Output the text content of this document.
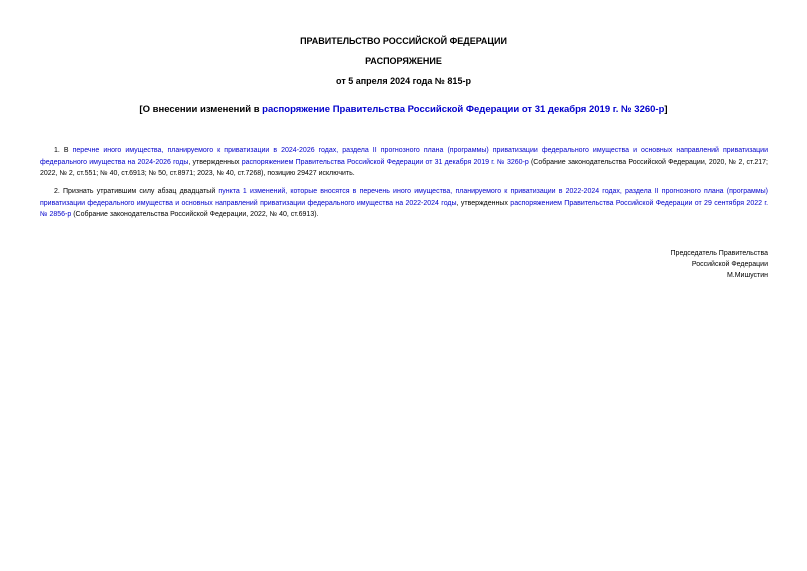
ПРАВИТЕЛЬСТВО РОССИЙСКОЙ ФЕДЕРАЦИИ
РАСПОРЯЖЕНИЕ
от 5 апреля 2024 года № 815-р
[О внесении изменений в распоряжение Правительства Российской Федерации от 31 декабря 2019 г. № 3260-р]
1. В перечне иного имущества, планируемого к приватизации в 2024-2026 годах, раздела II прогнозного плана (программы) приватизации федерального имущества и основных направлений приватизации федерального имущества на 2024-2026 годы, утвержденных распоряжением Правительства Российской Федерации от 31 декабря 2019 г. № 3260-р (Собрание законодательства Российской Федерации, 2020, № 2, ст.217; 2022, № 2, ст.551; № 40, ст.6913; № 50, ст.8971; 2023, № 40, ст.7268), позицию 29427 исключить.
2. Признать утратившим силу абзац двадцатый пункта 1 изменений, которые вносятся в перечень иного имущества, планируемого к приватизации в 2022-2024 годах, раздела II прогнозного плана (программы) приватизации федерального имущества и основных направлений приватизации федерального имущества на 2022-2024 годы, утвержденных распоряжением Правительства Российской Федерации от 29 сентября 2022 г. № 2856-р (Собрание законодательства Российской Федерации, 2022, № 40, ст.6913).
Председатель Правительства
Российской Федерации
М.Мишустин
